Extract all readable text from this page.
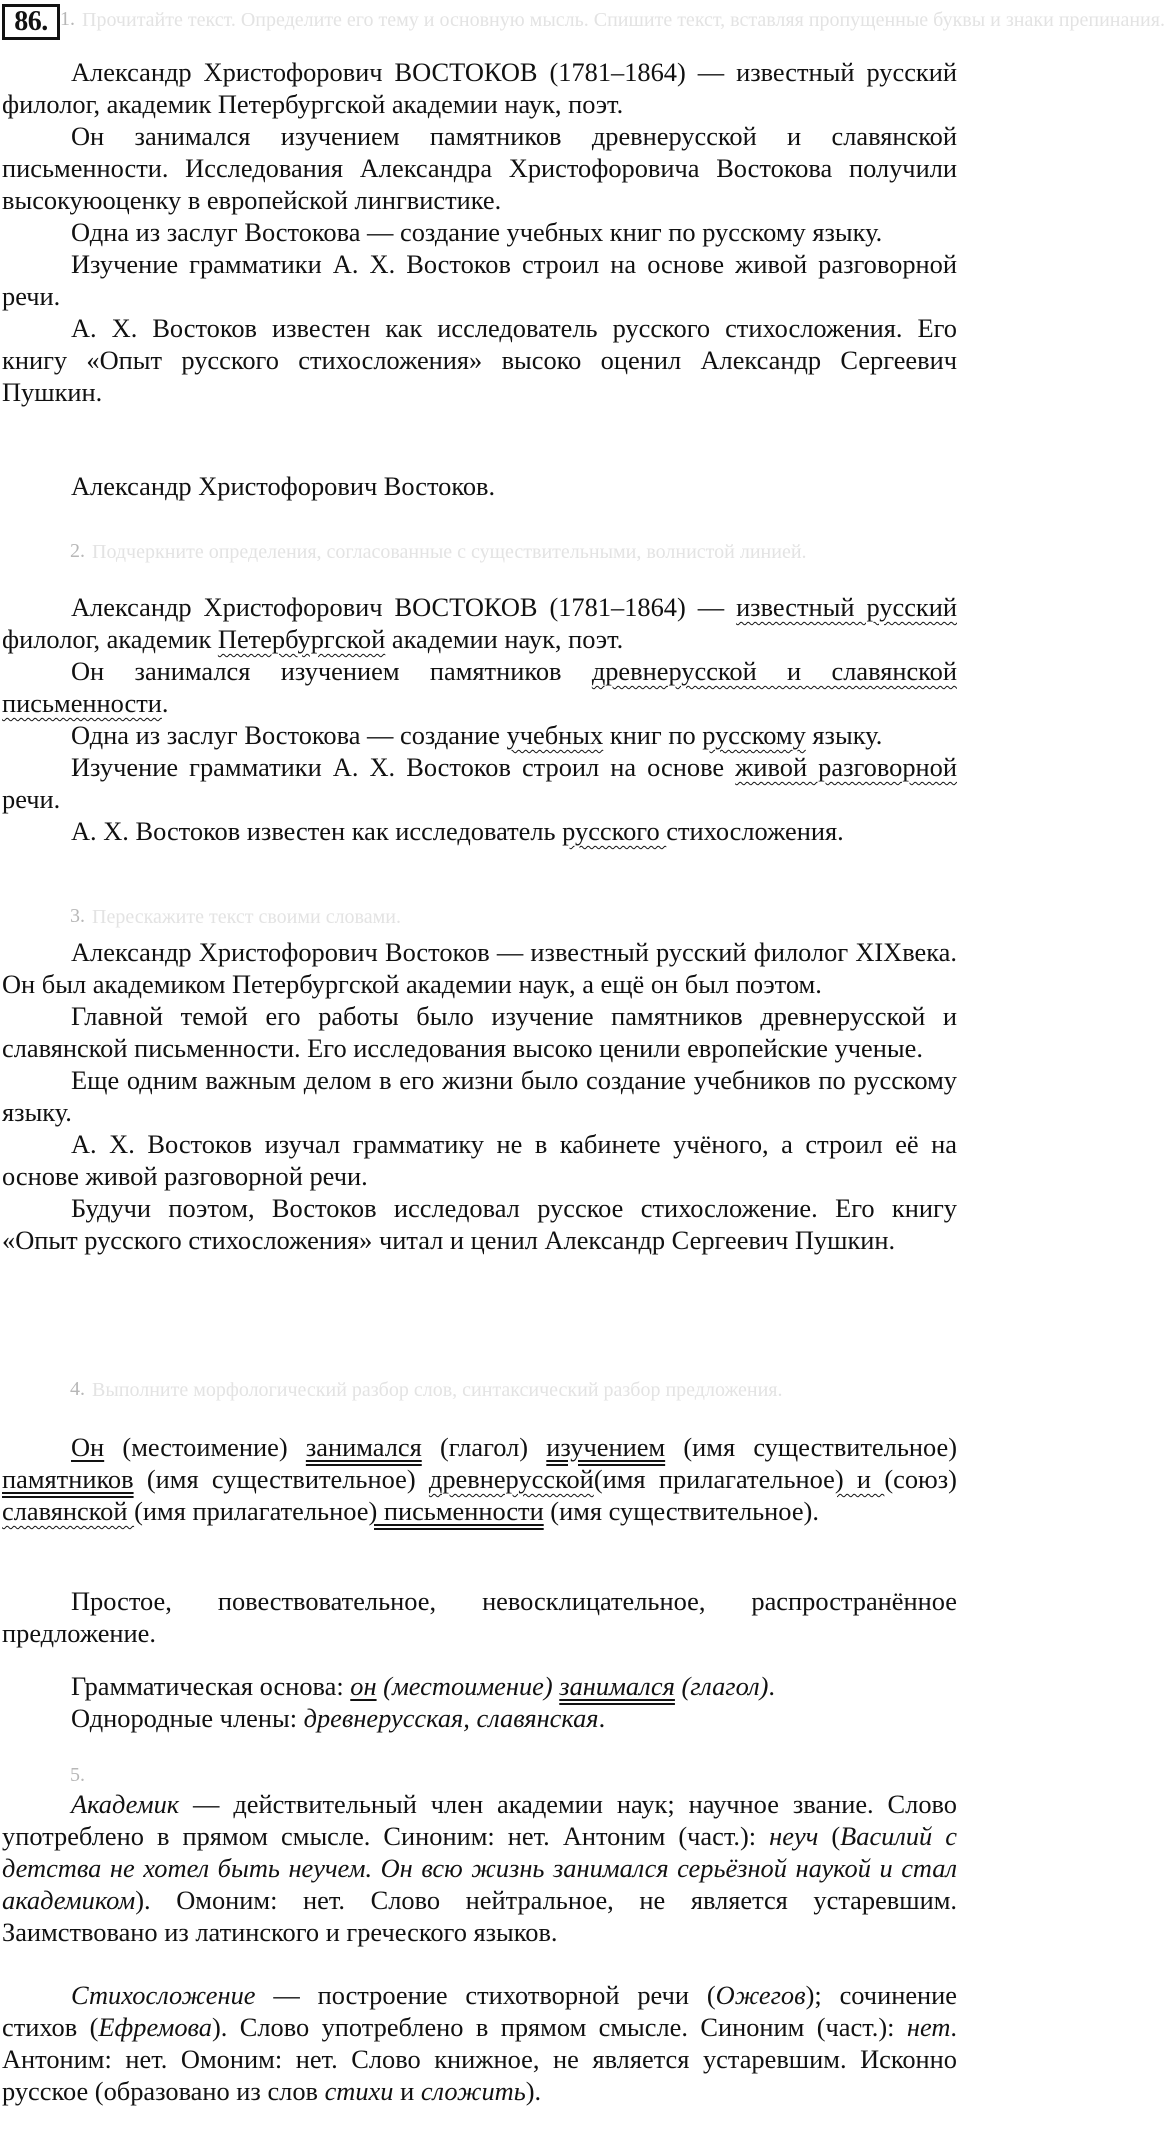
86. 1. Прочитайте текст. Определите его тему и основную мысль. Спишите текст, вставляя пропущенные буквы и знаки препинания.

Александр Христофорович ВОСТОКОВ (1781–1864) — известный русский филолог, академик Петербургской академии наук, поэт.

Он занимался изучением памятников древнерусской и славянской письменности. Исследования Александра Христофоровича Востокова получили высокуюоценку в европейской лингвистике.

Одна из заслуг Востокова — создание учебных книг по русскому языку.

Изучение грамматики А. Х. Востоков строил на основе живой разговорной речи.

А. Х. Востоков известен как исследователь русского стихосложения. Его книгу «Опыт русского стихосложения» высоко оценил Александр Сергеевич Пушкин.

Александр Христофорович Востоков.

2. Подчеркните определения, согласованные с существительными, волнистой линией.

Александр Христофорович ВОСТОКОВ (1781–1864) — известный русский филолог, академик Петербургской академии наук, поэт.

Он занимался изучением памятников древнерусской и славянской письменности.

Одна из заслуг Востокова — создание учебных книг по русскому языку.

Изучение грамматики А. Х. Востоков строил на основе живой разговорной речи.

А. Х. Востоков известен как исследователь русского стихосложения.

3. Перескажите текст своими словами.

Александр Христофорович Востоков — известный русский филолог XIXвека. Он был академиком Петербургской академии наук, а ещё он был поэтом.

Главной темой его работы было изучение памятников древнерусской и славянской письменности. Его исследования высоко ценили европейские ученые.

Еще одним важным делом в его жизни было создание учебников по русскому языку.

А. Х. Востоков изучал грамматику не в кабинете учёного, а строил её на основе живой разговорной речи.

Будучи поэтом, Востоков исследовал русское стихосложение. Его книгу «Опыт русского стихосложения» читал и ценил Александр Сергеевич Пушкин.

4. Выполните морфологический разбор слов, синтаксический разбор предложения.

Он (местоимение) занимался (глагол) изучением (имя существительное) памятников (имя существительное) древнерусской(имя прилагательное) и (союз) славянской (имя прилагательное) письменности (имя существительное).

Простое, повествовательное, невосклицательное, распространённое предложение.

Грамматическая основа: он (местоимение) занимался (глагол).

Однородные члены: древнерусская, славянская.

5.

Академик — действительный член академии наук; научное звание. Слово употреблено в прямом смысле. Синоним: нет. Антоним (част.): неуч (Василий с детства не хотел быть неучем. Он всю жизнь занимался серьёзной наукой и стал академиком). Омоним: нет. Слово нейтральное, не является устаревшим. Заимствовано из латинского и греческого языков.

Стихосложение — построение стихотворной речи (Ожегов); сочинение стихов (Ефремова). Слово употреблено в прямом смысле. Синоним (част.): нет. Антоним: нет. Омоним: нет. Слово книжное, не является устаревшим. Исконно русское (образовано из слов стихи и сложить).
